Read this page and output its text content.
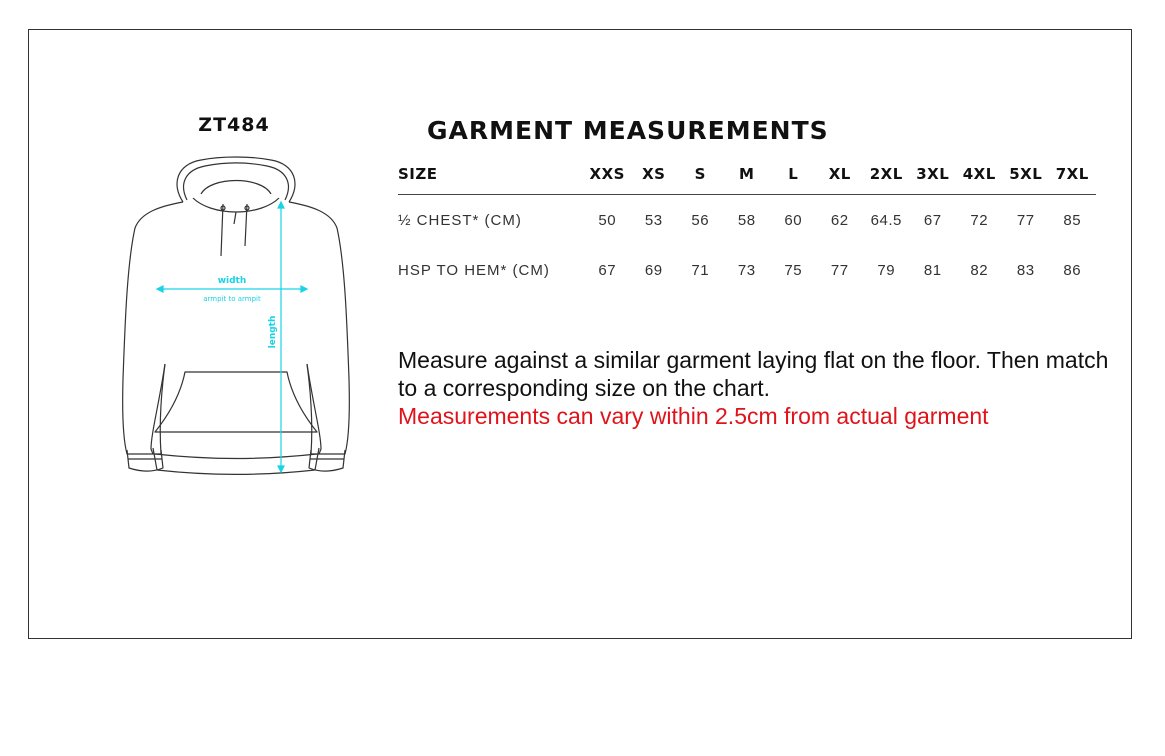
ZT484
width
armpit to armpit
length
GARMENT MEASUREMENTS
SIZE	XXS	XS	S	M	L	XL	2XL	3XL	4XL	5XL	7XL
½ CHEST* (CM)	50	53	56	58	60	62	64.5	67	72	77	85
HSP TO HEM* (CM)	67	69	71	73	75	77	79	81	82	83	86
Measure against a similar garment laying flat on the floor. Then match to a corresponding size on the chart.
Measurements can vary within 2.5cm from actual garment
